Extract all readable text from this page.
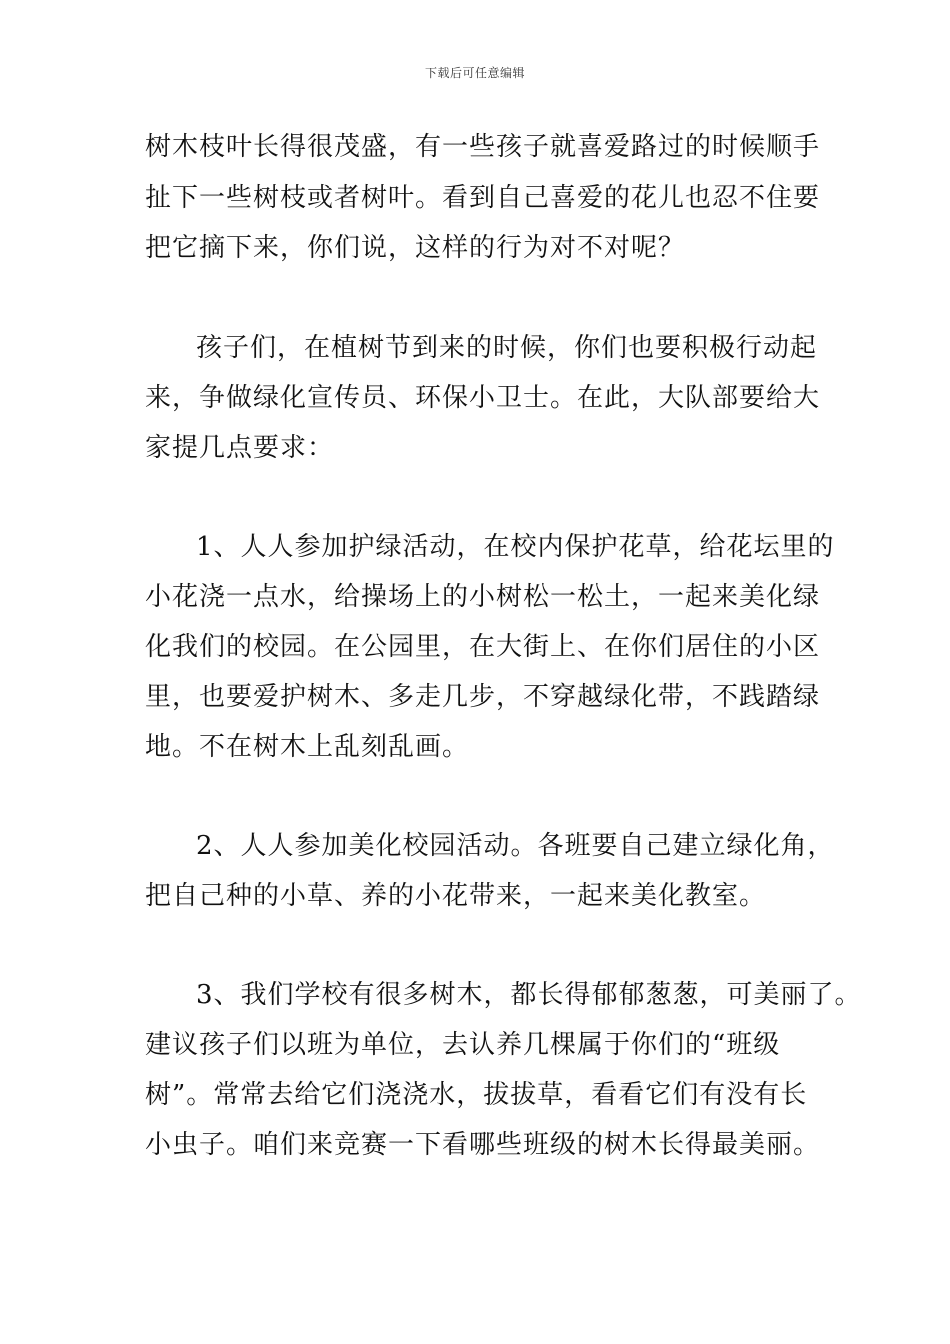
下载后可任意编辑
树木枝叶长得很茂盛，有一些孩子就喜爱路过的时候顺手
扯下一些树枝或者树叶。看到自己喜爱的花儿也忍不住要
把它摘下来，你们说，这样的行为对不对呢？
孩子们，在植树节到来的时候，你们也要积极行动起
来，争做绿化宣传员、环保小卫士。在此，大队部要给大
家提几点要求：
1、人人参加护绿活动，在校内保护花草，给花坛里的
小花浇一点水，给操场上的小树松一松土，一起来美化绿
化我们的校园。在公园里，在大街上、在你们居住的小区
里，也要爱护树木、多走几步，不穿越绿化带，不践踏绿
地。不在树木上乱刻乱画。
2、人人参加美化校园活动。各班要自己建立绿化角，
把自己种的小草、养的小花带来，一起来美化教室。
3、我们学校有很多树木，都长得郁郁葱葱，可美丽了。
建议孩子们以班为单位，去认养几棵属于你们的“班级
树”。常常去给它们浇浇水，拔拔草，看看它们有没有长
小虫子。咱们来竞赛一下看哪些班级的树木长得最美丽。
